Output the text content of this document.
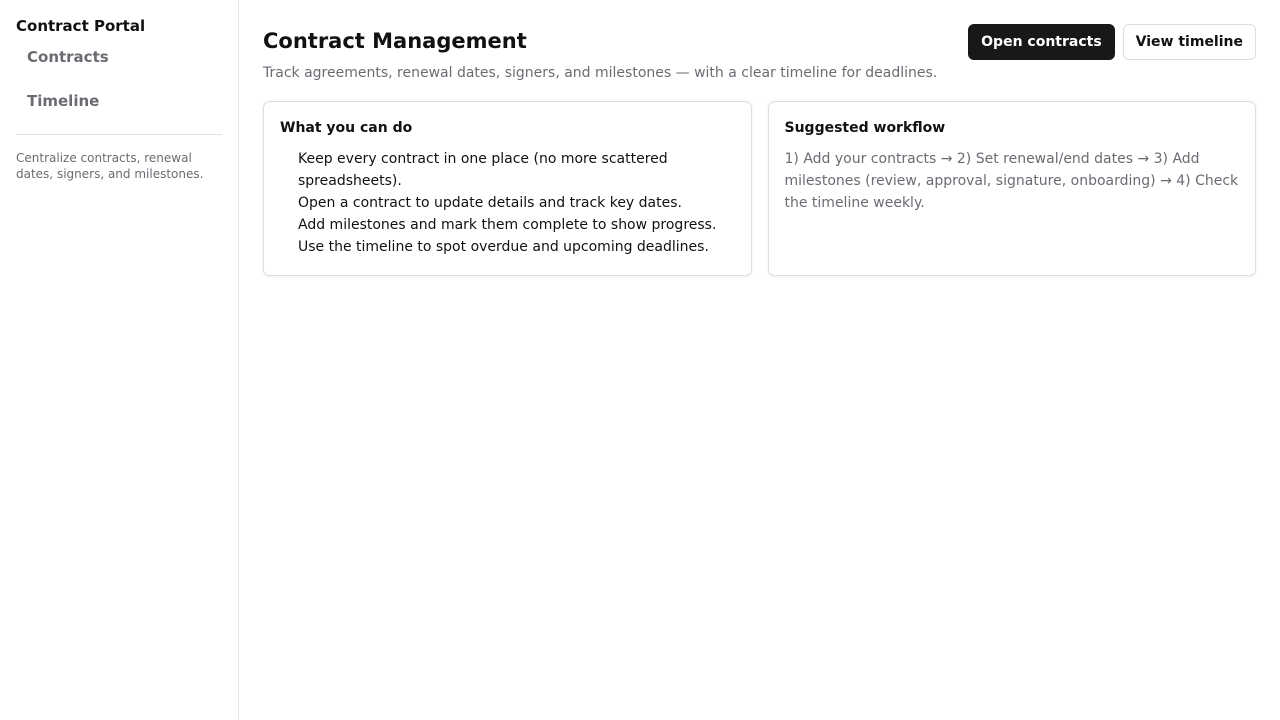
Contract Portal
Contracts
Timeline

Centralize contracts, renewal dates, signers, and milestones.

Contract Management

Track agreements, renewal dates, signers, and milestones — with a clear timeline for deadlines.

Open contracts	View timeline
What you can do
Keep every contract in one place (no more scattered spreadsheets).
Open a contract to update details and track key dates.
Add milestones and mark them complete to show progress.
Use the timeline to spot overdue and upcoming deadlines.
Suggested workflow

1) Add your contracts → 2) Set renewal/end dates → 3) Add milestones (review, approval, signature, onboarding) → 4) Check the timeline weekly.
